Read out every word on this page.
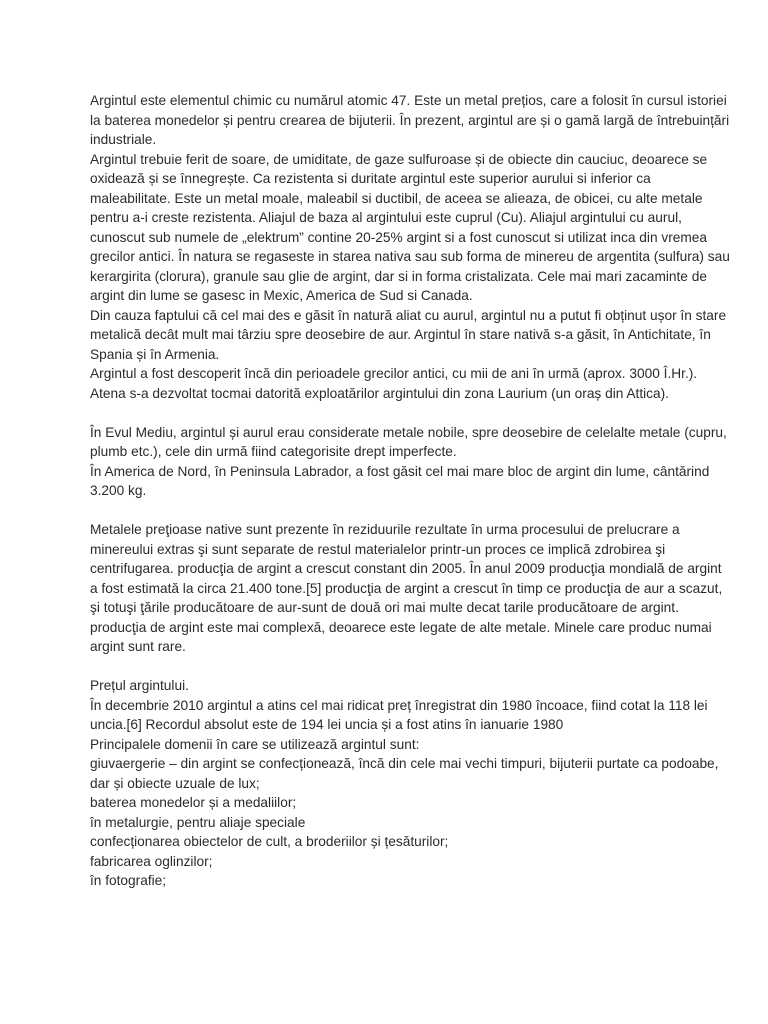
Argintul este elementul chimic cu numărul atomic 47. Este un metal prețios, care a folosit în cursul istoriei la baterea monedelor și pentru crearea de bijuterii. În prezent, argintul are și o gamă largă de întrebuințări industriale.

Argintul trebuie ferit de soare, de umiditate, de gaze sulfuroase și de obiecte din cauciuc, deoarece se oxidează și se înnegrește. Ca rezistenta si duritate argintul este superior aurului si inferior ca maleabilitate. Este un metal moale, maleabil si ductibil, de aceea se alieaza, de obicei, cu alte metale pentru a-i creste rezistenta. Aliajul de baza al argintului este cuprul (Cu). Aliajul argintului cu aurul, cunoscut sub numele de „elektrum” contine 20-25% argint si a fost cunoscut si utilizat inca din vremea grecilor antici. În natura se regaseste in starea nativa sau sub forma de minereu de argentita (sulfura) sau kerargirita (clorura), granule sau glie de argint, dar si in forma cristalizata. Cele mai mari zacaminte de argint din lume se gasesc in Mexic, America de Sud si Canada.

Din cauza faptului că cel mai des e găsit în natură aliat cu aurul, argintul nu a putut fi obținut ușor în stare metalică decât mult mai târziu spre deosebire de aur. Argintul în stare nativă s-a găsit, în Antichitate, în Spania și în Armenia.

Argintul a fost descoperit încă din perioadele grecilor antici, cu mii de ani în urmă (aprox. 3000 Î.Hr.). Atena s-a dezvoltat tocmai datorită exploatărilor argintului din zona Laurium (un oraș din Attica).

În Evul Mediu, argintul și aurul erau considerate metale nobile, spre deosebire de celelalte metale (cupru, plumb etc.), cele din urmă fiind categorisite drept imperfecte.

În America de Nord, în Peninsula Labrador, a fost găsit cel mai mare bloc de argint din lume, cântărind 3.200 kg.

Metalele preţioase native sunt prezente în reziduurile rezultate în urma procesului de prelucrare a minereului extras şi sunt separate de restul materialelor printr-un proces ce implică zdrobirea şi centrifugarea. producţia de argint a crescut constant din 2005. În anul 2009 producţia mondială de argint a fost estimată la circa 21.400 tone.[5] producţia de argint a crescut în timp ce producţia de aur a scazut, şi totuşi ţările producătoare de aur-sunt de două ori mai multe decat tarile producătoare de argint. producţia de argint este mai complexă, deoarece este legate de alte metale. Minele care produc numai argint sunt rare.

Prețul argintului.

În decembrie 2010 argintul a atins cel mai ridicat preț înregistrat din 1980 încoace, fiind cotat la 118 lei uncia.[6] Recordul absolut este de 194 lei uncia și a fost atins în ianuarie 1980

Principalele domenii în care se utilizează argintul sunt:

giuvaergerie – din argint se confecționează, încă din cele mai vechi timpuri, bijuterii purtate ca podoabe, dar și obiecte uzuale de lux;

baterea monedelor și a medaliilor;

în metalurgie, pentru aliaje speciale

confecționarea obiectelor de cult, a broderiilor și țesăturilor;

fabricarea oglinzilor;

în fotografie;
